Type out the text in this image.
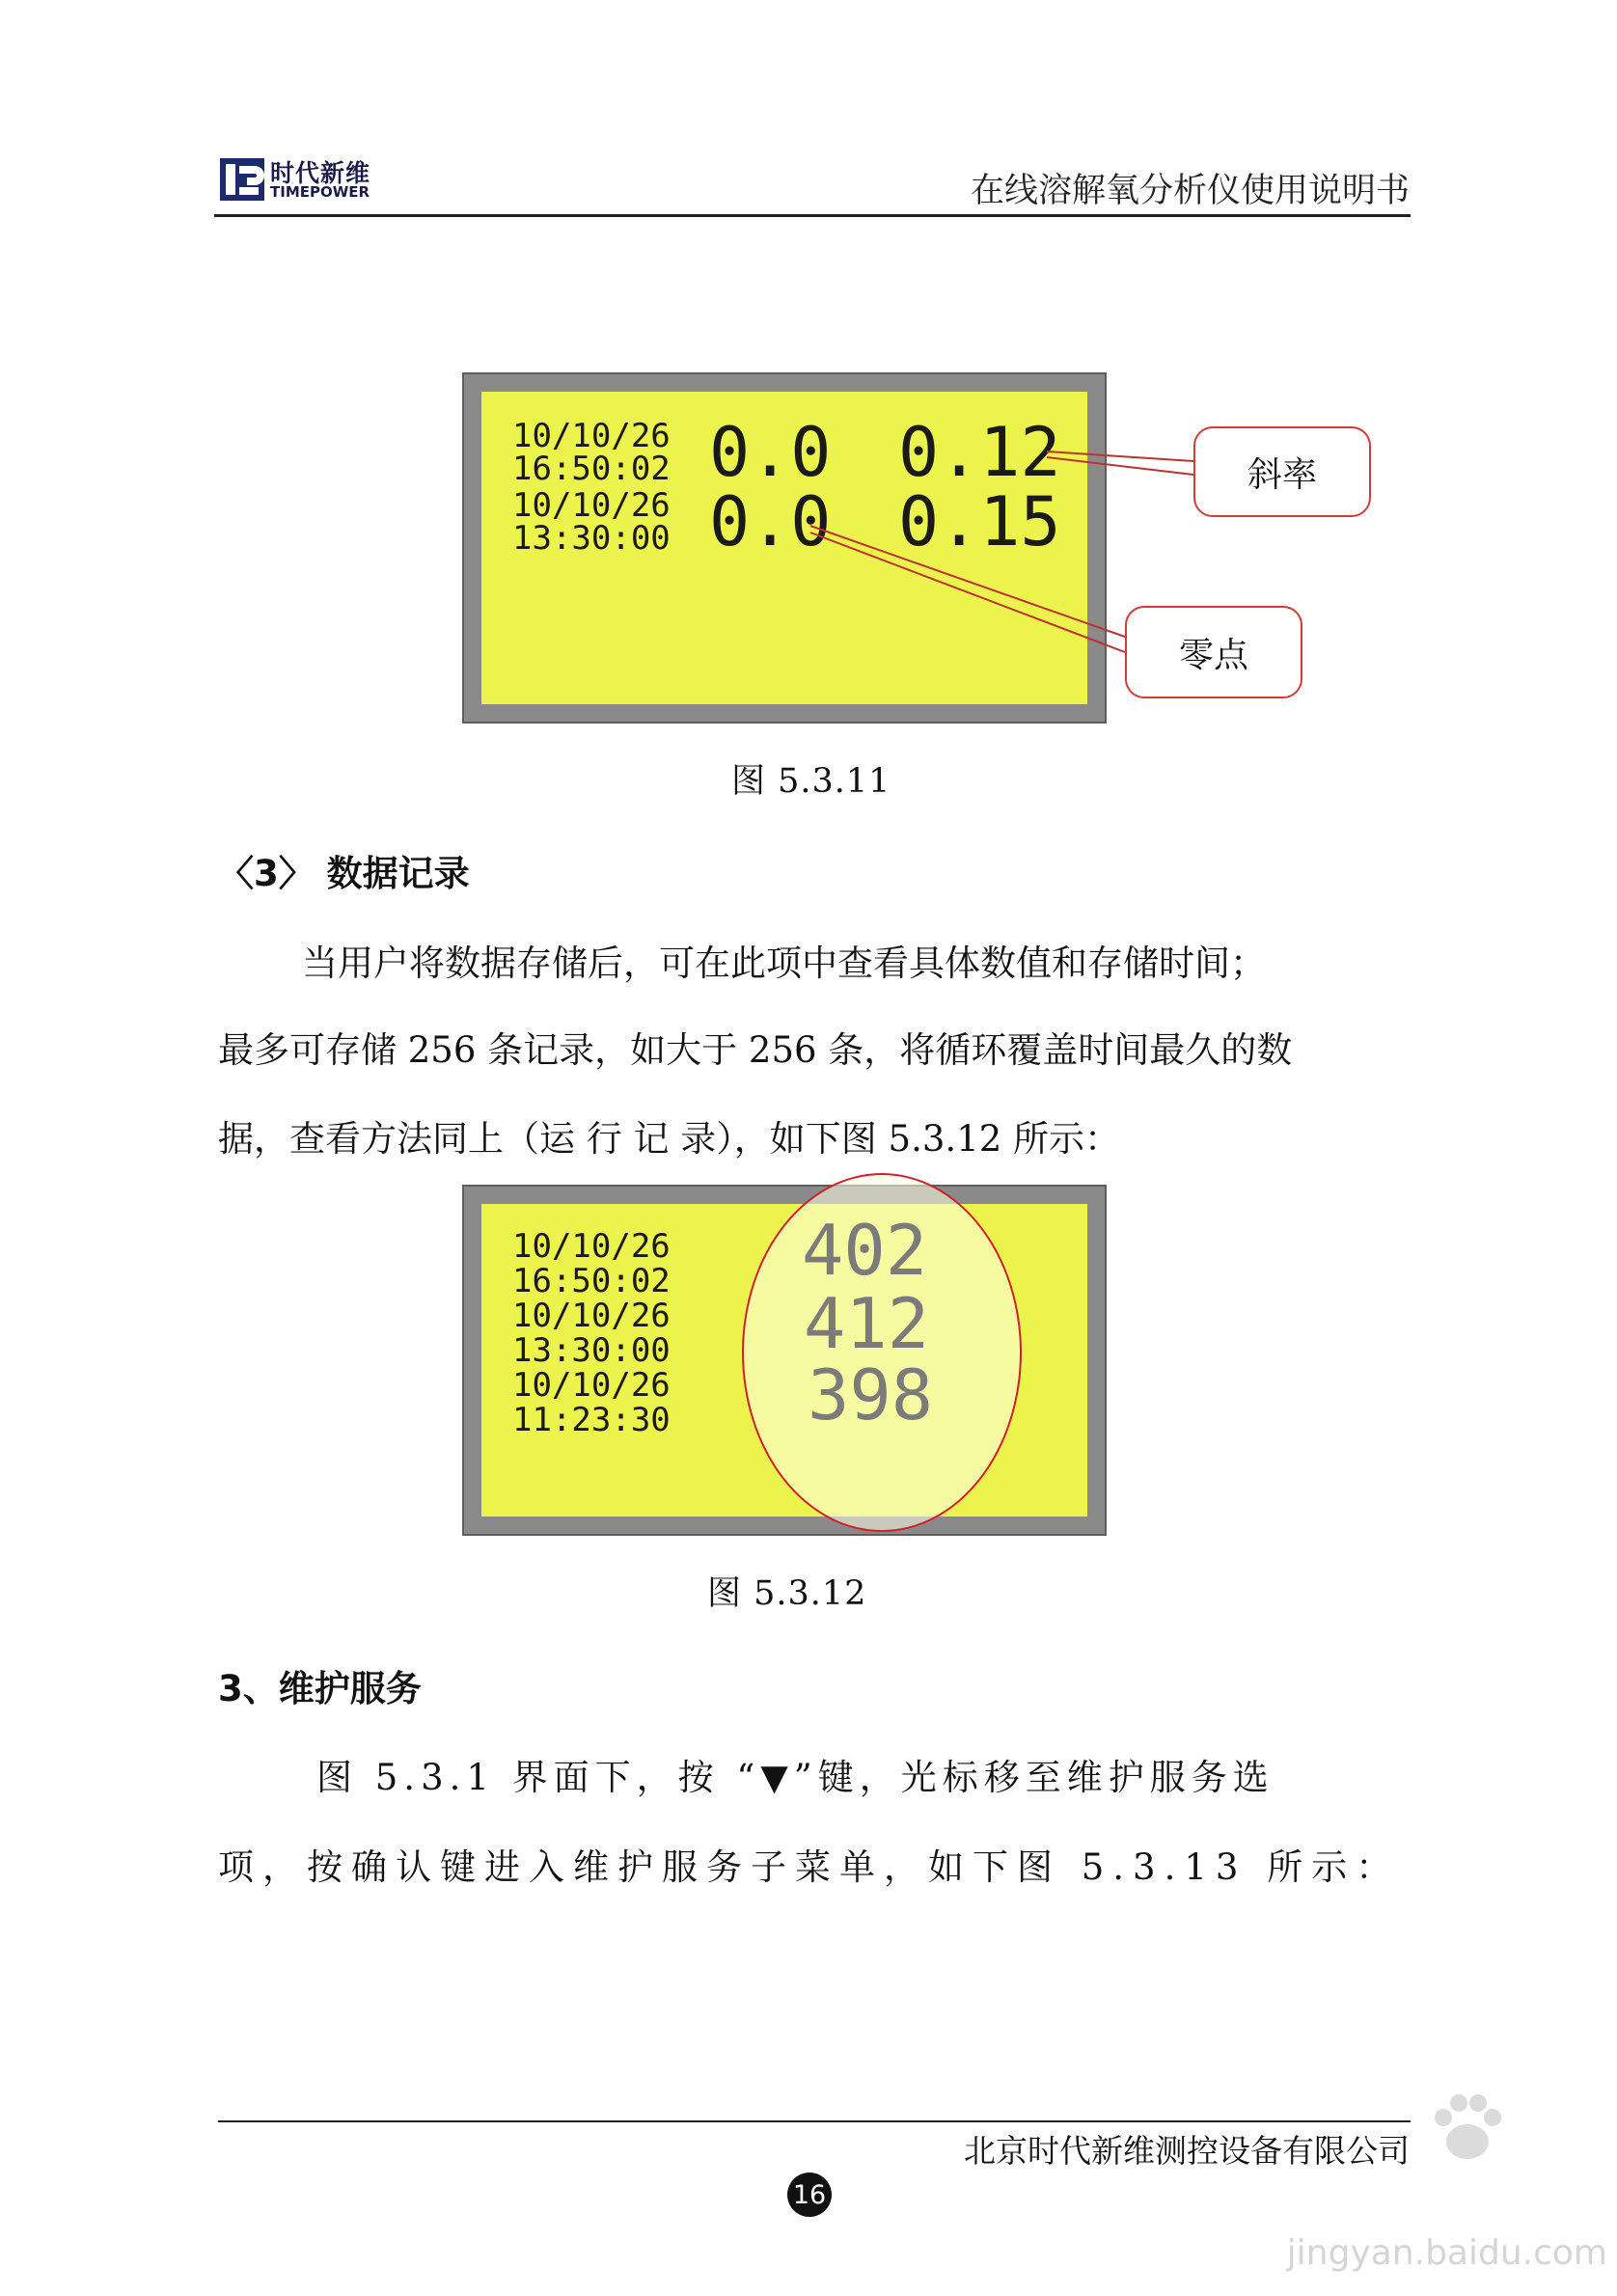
时代新维
TIMEPOWER	在线溶解氧分析仪使用说明书
10/10/26
16:50:02 0.0 0.12
10/10/26
13:30:00 0.0 0.15
斜率
零点
图 5.3.11
〈3〉 数据记录
当用户将数据存储后，可在此项中查看具体数值和存储时间；
最多可存储 256 条记录，如大于 256 条，将循环覆盖时间最久的数
据，查看方法同上（运 行 记 录），如下图 5.3.12 所示：
10/10/26
16:50:02
10/10/26
13:30:00
10/10/26
11:23:30
402
412
398
图 5.3.12
3、维护服务
图 5.3.1 界面下，按 “▼”键，光标移至维护服务选
项，按确认键进入维护服务子菜单，如下图 5.3.13 所示：
北京时代新维测控设备有限公司
16
jingyan.baidu.com
